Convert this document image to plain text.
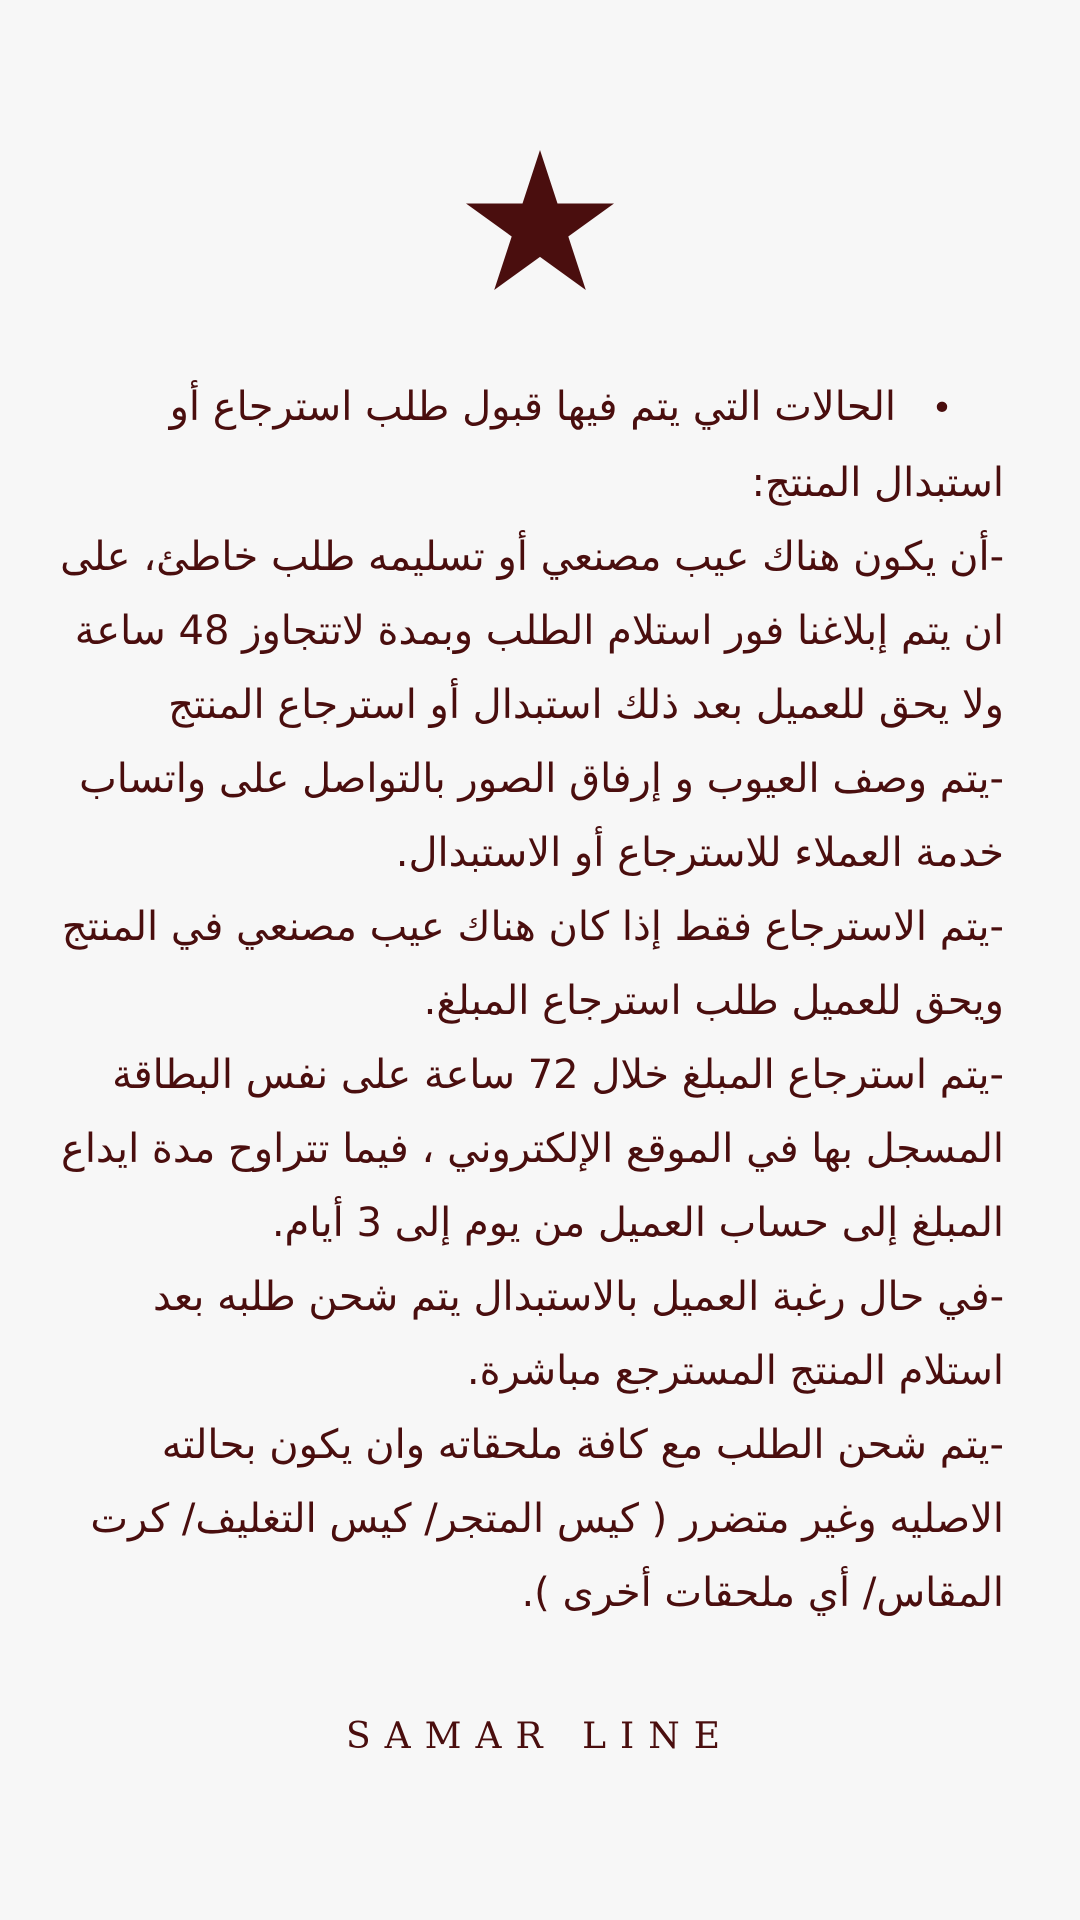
•الحالات التي يتم فيها قبول طلب استرجاع أو استبدال المنتج:
-أن يكون هناك عيب مصنعي أو تسليمه طلب خاطئ، على ان يتم إبلاغنا فور استلام الطلب وبمدة لاتتجاوز 48 ساعة ولا يحق للعميل بعد ذلك استبدال أو استرجاع المنتج
-يتم وصف العيوب و إرفاق الصور بالتواصل على واتساب خدمة العملاء للاسترجاع أو الاستبدال.
-يتم الاسترجاع فقط إذا كان هناك عيب مصنعي في المنتج ويحق للعميل طلب استرجاع المبلغ.
-يتم استرجاع المبلغ خلال 72 ساعة على نفس البطاقة المسجل بها في الموقع الإلكتروني ، فيما تتراوح مدة ايداع المبلغ إلى حساب العميل من يوم إلى 3 أيام.
-في حال رغبة العميل بالاستبدال يتم شحن طلبه بعد استلام المنتج المسترجع مباشرة.
-يتم شحن الطلب مع كافة ملحقاته وان يكون بحالته الاصليه وغير متضرر ( كيس المتجر/ كيس التغليف/ كرت المقاس/ أي ملحقات أخرى ).
SAMAR LINE
